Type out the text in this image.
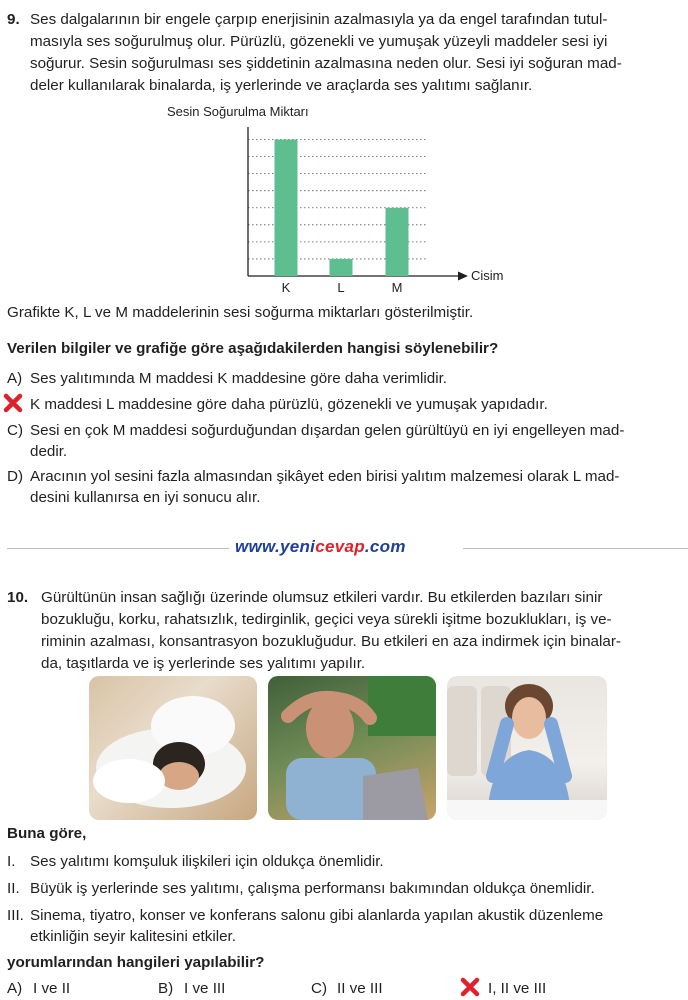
9. Ses dalgalarının bir engele çarpıp enerjisinin azalmasıyla ya da engel tarafından tutul-
masıyla ses soğurulmuş olur. Pürüzlü, gözenekli ve yumuşak yüzeyli maddeler sesi iyi
soğurur. Sesin soğurulması ses şiddetinin azalmasına neden olur. Sesi iyi soğuran mad-
deler kullanılarak binalarda, iş yerlerinde ve araçlarda ses yalıtımı sağlanır.
Sesin Soğurulma Miktarı
Cisim
K	L	M
Grafikte K, L ve M maddelerinin sesi soğurma miktarları gösterilmiştir.
Verilen bilgiler ve grafiğe göre aşağıdakilerden hangisi söylenebilir?
A) Ses yalıtımında M maddesi K maddesine göre daha verimlidir.
K maddesi L maddesine göre daha pürüzlü, gözenekli ve yumuşak yapıdadır.
C) Sesi en çok M maddesi soğurduğundan dışardan gelen gürültüyü en iyi engelleyen mad-
dedir.
D) Aracının yol sesini fazla almasından şikâyet eden birisi yalıtım malzemesi olarak L mad-
desini kullanırsa en iyi sonucu alır.
www.yenicevap.com
10. Gürültünün insan sağlığı üzerinde olumsuz etkileri vardır. Bu etkilerden bazıları sinir
bozukluğu, korku, rahatsızlık, tedirginlik, geçici veya sürekli işitme bozuklukları, iş ve-
riminin azalması, konsantrasyon bozukluğudur. Bu etkileri en aza indirmek için binalar-
da, taşıtlarda ve iş yerlerinde ses yalıtımı yapılır.
Buna göre,
I. Ses yalıtımı komşuluk ilişkileri için oldukça önemlidir.
II. Büyük iş yerlerinde ses yalıtımı, çalışma performansı bakımından oldukça önemlidir.
III. Sinema, tiyatro, konser ve konferans salonu gibi alanlarda yapılan akustik düzenleme
etkinliğin seyir kalitesini etkiler.
yorumlarından hangileri yapılabilir?
A) I ve II	B) I ve III	C) II ve III	I, II ve III
